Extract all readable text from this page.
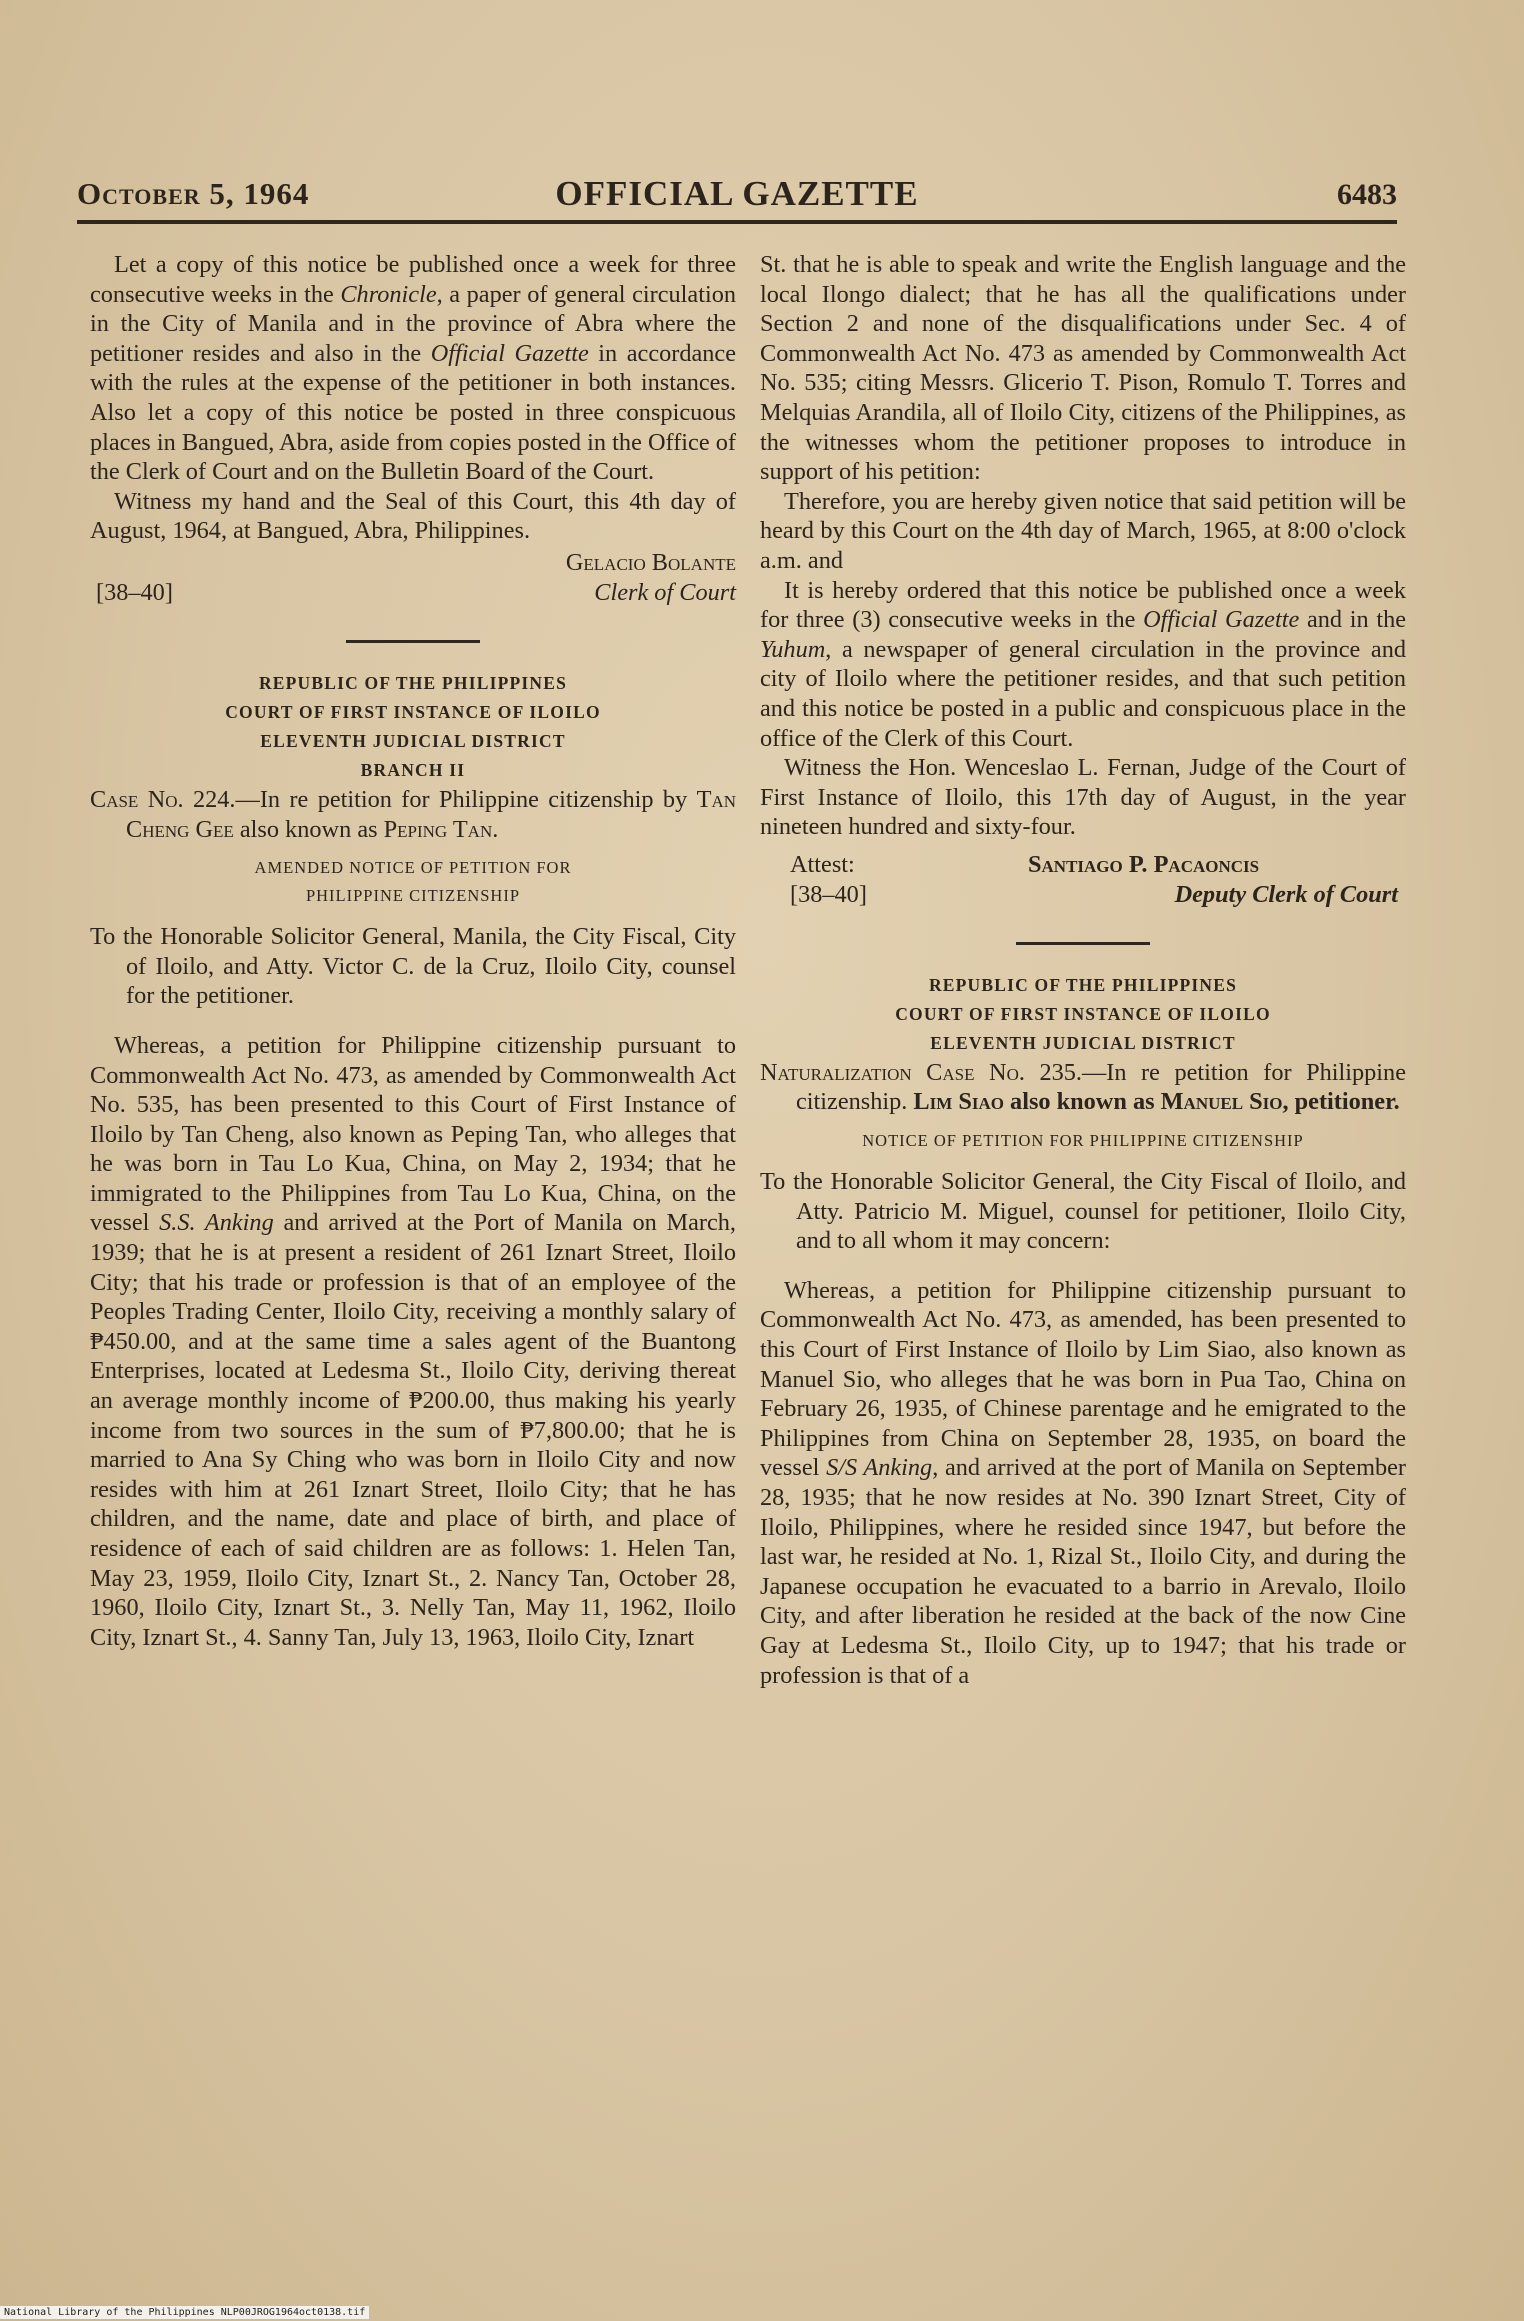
October 5, 1964	OFFICIAL GAZETTE	6483

Let a copy of this notice be published once a week for three consecutive weeks in the Chronicle, a paper of general circulation in the City of Manila and in the province of Abra where the petitioner resides and also in the Official Gazette in accordance with the rules at the expense of the petitioner in both instances. Also let a copy of this notice be posted in three conspicuous places in Bangued, Abra, aside from copies posted in the Office of the Clerk of Court and on the Bulletin Board of the Court.

Witness my hand and the Seal of this Court, this 4th day of August, 1964, at Bangued, Abra, Philippines.

Gelacio Bolante
[38–40]	Clerk of Court
REPUBLIC OF THE PHILIPPINES
COURT OF FIRST INSTANCE OF ILOILO
ELEVENTH JUDICIAL DISTRICT
BRANCH II

Case No. 224.—In re petition for Philippine citizenship by Tan Cheng Gee also known as Peping Tan.

AMENDED NOTICE OF PETITION FOR
PHILIPPINE CITIZENSHIP

To the Honorable Solicitor General, Manila, the City Fiscal, City of Iloilo, and Atty. Victor C. de la Cruz, Iloilo City, counsel for the petitioner.

Whereas, a petition for Philippine citizenship pursuant to Commonwealth Act No. 473, as amended by Commonwealth Act No. 535, has been presented to this Court of First Instance of Iloilo by Tan Cheng, also known as Peping Tan, who alleges that he was born in Tau Lo Kua, China, on May 2, 1934; that he immigrated to the Philippines from Tau Lo Kua, China, on the vessel S.S. Anking and arrived at the Port of Manila on March, 1939; that he is at present a resident of 261 Iznart Street, Iloilo City; that his trade or profession is that of an employee of the Peoples Trading Center, Iloilo City, receiving a monthly salary of ₱450.00, and at the same time a sales agent of the Buantong Enterprises, located at Ledesma St., Iloilo City, deriving thereat an average monthly income of ₱200.00, thus making his yearly income from two sources in the sum of ₱7,800.00; that he is married to Ana Sy Ching who was born in Iloilo City and now resides with him at 261 Iznart Street, Iloilo City; that he has children, and the name, date and place of birth, and place of residence of each of said children are as follows: 1. Helen Tan, May 23, 1959, Iloilo City, Iznart St., 2. Nancy Tan, October 28, 1960, Iloilo City, Iznart St., 3. Nelly Tan, May 11, 1962, Iloilo City, Iznart St., 4. Sanny Tan, July 13, 1963, Iloilo City, Iznart

St. that he is able to speak and write the English language and the local Ilongo dialect; that he has all the qualifications under Section 2 and none of the disqualifications under Sec. 4 of Commonwealth Act No. 473 as amended by Commonwealth Act No. 535; citing Messrs. Glicerio T. Pison, Romulo T. Torres and Melquias Arandila, all of Iloilo City, citizens of the Philippines, as the witnesses whom the petitioner proposes to introduce in support of his petition:

Therefore, you are hereby given notice that said petition will be heard by this Court on the 4th day of March, 1965, at 8:00 o'clock a.m. and

It is hereby ordered that this notice be published once a week for three (3) consecutive weeks in the Official Gazette and in the Yuhum, a newspaper of general circulation in the province and city of Iloilo where the petitioner resides, and that such petition and this notice be posted in a public and conspicuous place in the office of the Clerk of this Court.

Witness the Hon. Wenceslao L. Fernan, Judge of the Court of First Instance of Iloilo, this 17th day of August, in the year nineteen hundred and sixty-four.

Attest:
[38–40]
Santiago P. Pacaoncis
Deputy Clerk of Court
REPUBLIC OF THE PHILIPPINES
COURT OF FIRST INSTANCE OF ILOILO
ELEVENTH JUDICIAL DISTRICT

Naturalization Case No. 235.—In re petition for Philippine citizenship. Lim Siao also known as Manuel Sio, petitioner.

NOTICE OF PETITION FOR PHILIPPINE CITIZENSHIP

To the Honorable Solicitor General, the City Fiscal of Iloilo, and Atty. Patricio M. Miguel, counsel for petitioner, Iloilo City, and to all whom it may concern:

Whereas, a petition for Philippine citizenship pursuant to Commonwealth Act No. 473, as amended, has been presented to this Court of First Instance of Iloilo by Lim Siao, also known as Manuel Sio, who alleges that he was born in Pua Tao, China on February 26, 1935, of Chinese parentage and he emigrated to the Philippines from China on September 28, 1935, on board the vessel S/S Anking, and arrived at the port of Manila on September 28, 1935; that he now resides at No. 390 Iznart Street, City of Iloilo, Philippines, where he resided since 1947, but before the last war, he resided at No. 1, Rizal St., Iloilo City, and during the Japanese occupation he evacuated to a barrio in Arevalo, Iloilo City, and after liberation he resided at the back of the now Cine Gay at Ledesma St., Iloilo City, up to 1947; that his trade or profession is that of a

National Library of the Philippines NLP00JROG1964oct0138.tif
